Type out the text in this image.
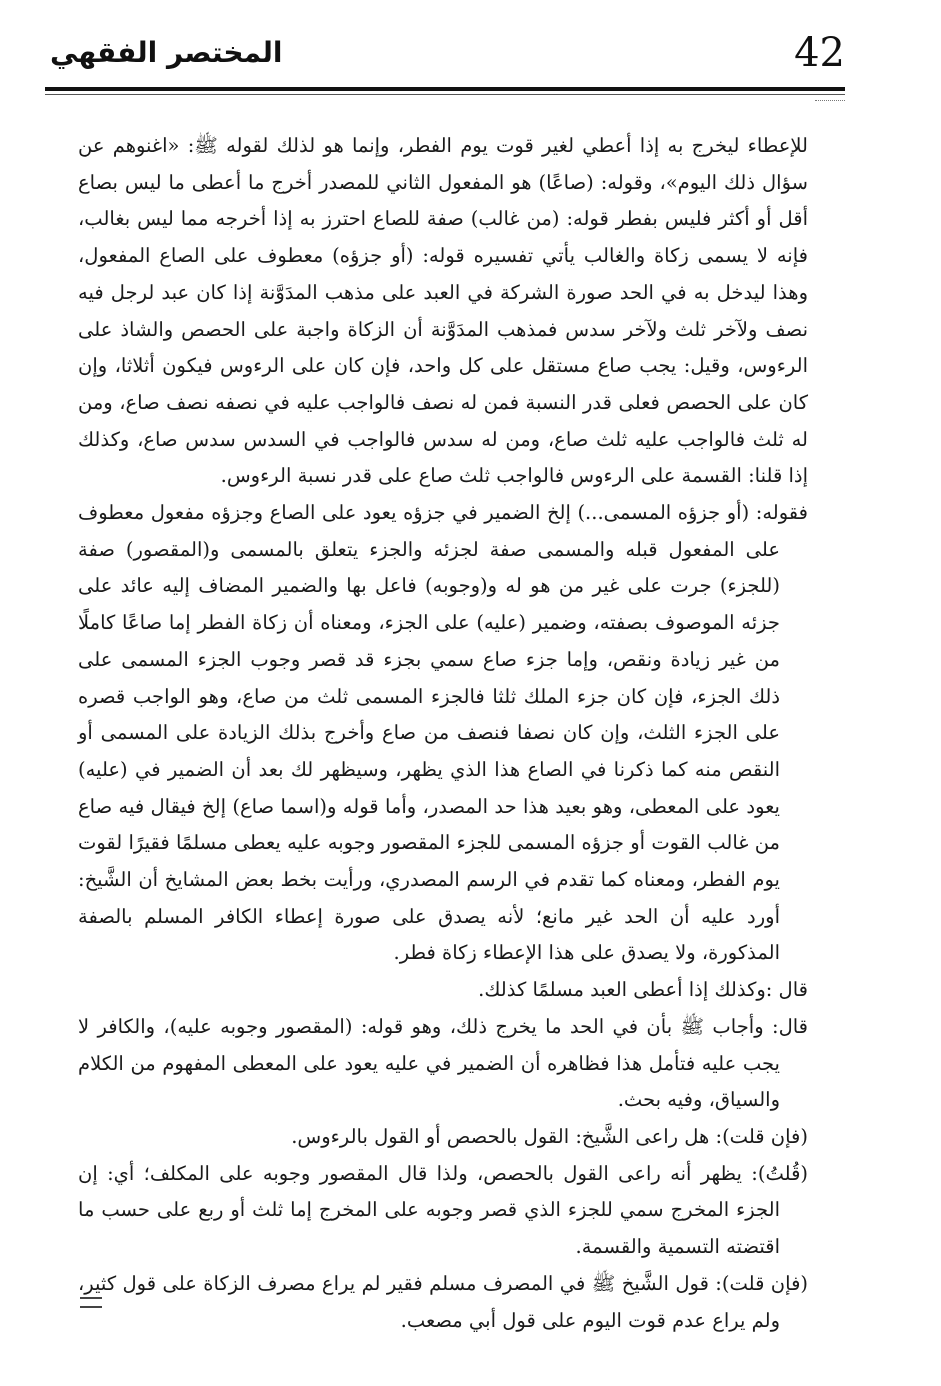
المختصر الفقهي	42

للإعطاء ليخرج به إذا أعطي لغير قوت يوم الفطر، وإنما هو لذلك لقوله ﷺ: «اغنوهم عن سؤال ذلك اليوم»، وقوله: (صاعًا) هو المفعول الثاني للمصدر أخرج ما أعطى ما ليس بصاع أقل أو أكثر فليس بفطر قوله: (من غالب) صفة للصاع احترز به إذا أخرجه مما ليس بغالب، فإنه لا يسمى زكاة والغالب يأتي تفسيره قوله: (أو جزؤه) معطوف على الصاع المفعول، وهذا ليدخل به في الحد صورة الشركة في العبد على مذهب المدَوَّنة إذا كان عبد لرجل فيه نصف ولآخر ثلث ولآخر سدس فمذهب المدَوَّنة أن الزكاة واجبة على الحصص والشاذ على الرءوس، وقيل: يجب صاع مستقل على كل واحد، فإن كان على الرءوس فيكون أثلاثا، وإن كان على الحصص فعلى قدر النسبة فمن له نصف فالواجب عليه في نصفه نصف صاع، ومن له ثلث فالواجب عليه ثلث صاع، ومن له سدس فالواجب في السدس سدس صاع، وكذلك إذا قلنا: القسمة على الرءوس فالواجب ثلث صاع على قدر نسبة الرءوس.

فقوله: (أو جزؤه المسمى...) إلخ الضمير في جزؤه يعود على الصاع وجزؤه مفعول معطوف على المفعول قبله والمسمى صفة لجزئه والجزء يتعلق بالمسمى و(المقصور) صفة (للجزء) جرت على غير من هو له و(وجوبه) فاعل بها والضمير المضاف إليه عائد على جزئه الموصوف بصفته، وضمير (عليه) على الجزء، ومعناه أن زكاة الفطر إما صاعًا كاملًا من غير زيادة ونقص، وإما جزء صاع سمي بجزء قد قصر وجوب الجزء المسمى على ذلك الجزء، فإن كان جزء الملك ثلثا فالجزء المسمى ثلث من صاع، وهو الواجب قصره على الجزء الثلث، وإن كان نصفا فنصف من صاع وأخرج بذلك الزيادة على المسمى أو النقص منه كما ذكرنا في الصاع هذا الذي يظهر، وسيظهر لك بعد أن الضمير في (عليه) يعود على المعطى، وهو بعيد هذا حد المصدر، وأما قوله و(اسما صاع) إلخ فيقال فيه صاع من غالب القوت أو جزؤه المسمى للجزء المقصور وجوبه عليه يعطى مسلمًا فقيرًا لقوت يوم الفطر، ومعناه كما تقدم في الرسم المصدري، ورأيت بخط بعض المشايخ أن الشَّيخ: أورد عليه أن الحد غير مانع؛ لأنه يصدق على صورة إعطاء الكافر المسلم بالصفة المذكورة، ولا يصدق على هذا الإعطاء زكاة فطر.

قال :وكذلك إذا أعطى العبد مسلمًا كذلك.

قال: وأجاب ﷺ بأن في الحد ما يخرج ذلك، وهو قوله: (المقصور وجوبه عليه)، والكافر لا يجب عليه فتأمل هذا فظاهره أن الضمير في عليه يعود على المعطى المفهوم من الكلام والسياق، وفيه بحث.

(فإن قلت): هل راعى الشَّيخ: القول بالحصص أو القول بالرءوس.

(قُلتُ): يظهر أنه راعى القول بالحصص، ولذا قال المقصور وجوبه على المكلف؛ أي: إن الجزء المخرج سمي للجزء الذي قصر وجوبه على المخرج إما ثلث أو ربع على حسب ما اقتضته التسمية والقسمة.

(فإن قلت): قول الشَّيخ ﷺ في المصرف مسلم فقير لم يراع مصرف الزكاة على قول كثير، ولم يراع عدم قوت اليوم على قول أبي مصعب.
